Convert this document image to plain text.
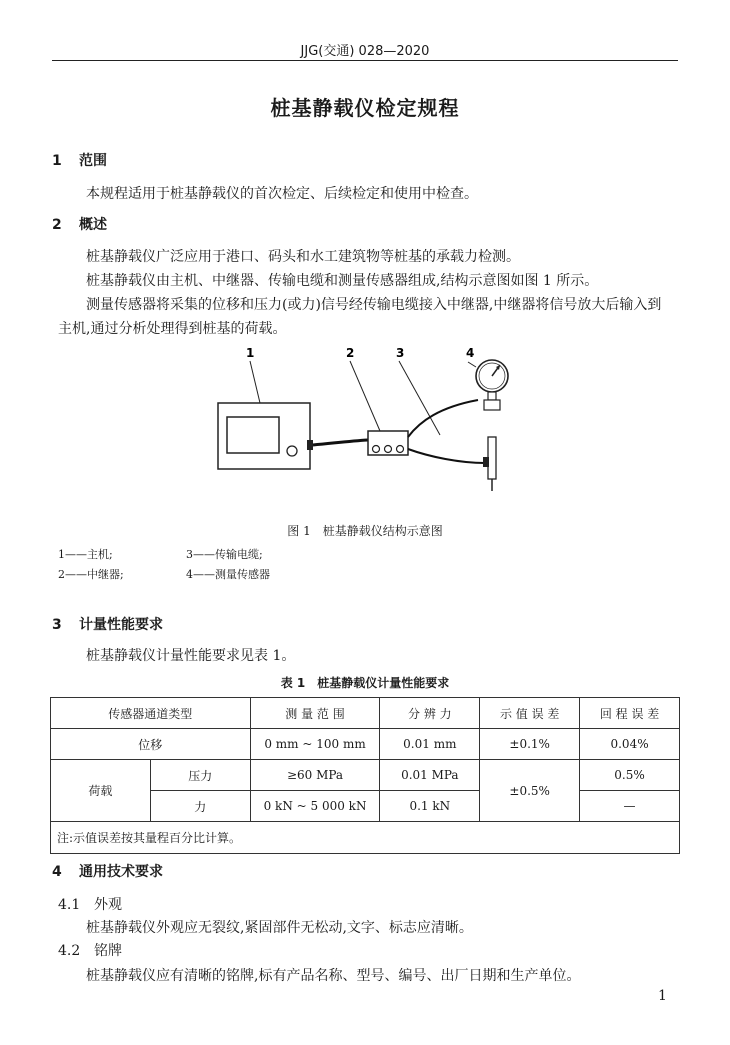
JJG(交通) 028—2020
桩基静载仪检定规程
1 范围
本规程适用于桩基静载仪的首次检定、后续检定和使用中检查。
2 概述
桩基静载仪广泛应用于港口、码头和水工建筑物等桩基的承载力检测。
桩基静载仪由主机、中继器、传输电缆和测量传感器组成,结构示意图如图 1 所示。
测量传感器将采集的位移和压力(或力)信号经传输电缆接入中继器,中继器将信号放大后输入到主机,通过分析处理得到桩基的荷载。
1	2	3	4
图 1　桩基静载仪结构示意图
1——主机;	3——传输电缆;
2——中继器;	4——测量传感器
3 计量性能要求
桩基静载仪计量性能要求见表 1。
表 1　桩基静载仪计量性能要求
传感器通道类型		测 量 范 围	分 辨 力	示 值 误 差	回 程 误 差
位移		0 mm ~ 100 mm	0.01 mm	±0.1%	0.04%
荷载	压力	≥60 MPa	0.01 MPa	±0.5%	0.5%
	力	0 kN ~ 5 000 kN	0.1 kN		—
注:示值误差按其量程百分比计算。					
4 通用技术要求
4.1 外观
桩基静载仪外观应无裂纹,紧固部件无松动,文字、标志应清晰。
4.2 铭牌
桩基静载仪应有清晰的铭牌,标有产品名称、型号、编号、出厂日期和生产单位。
1
